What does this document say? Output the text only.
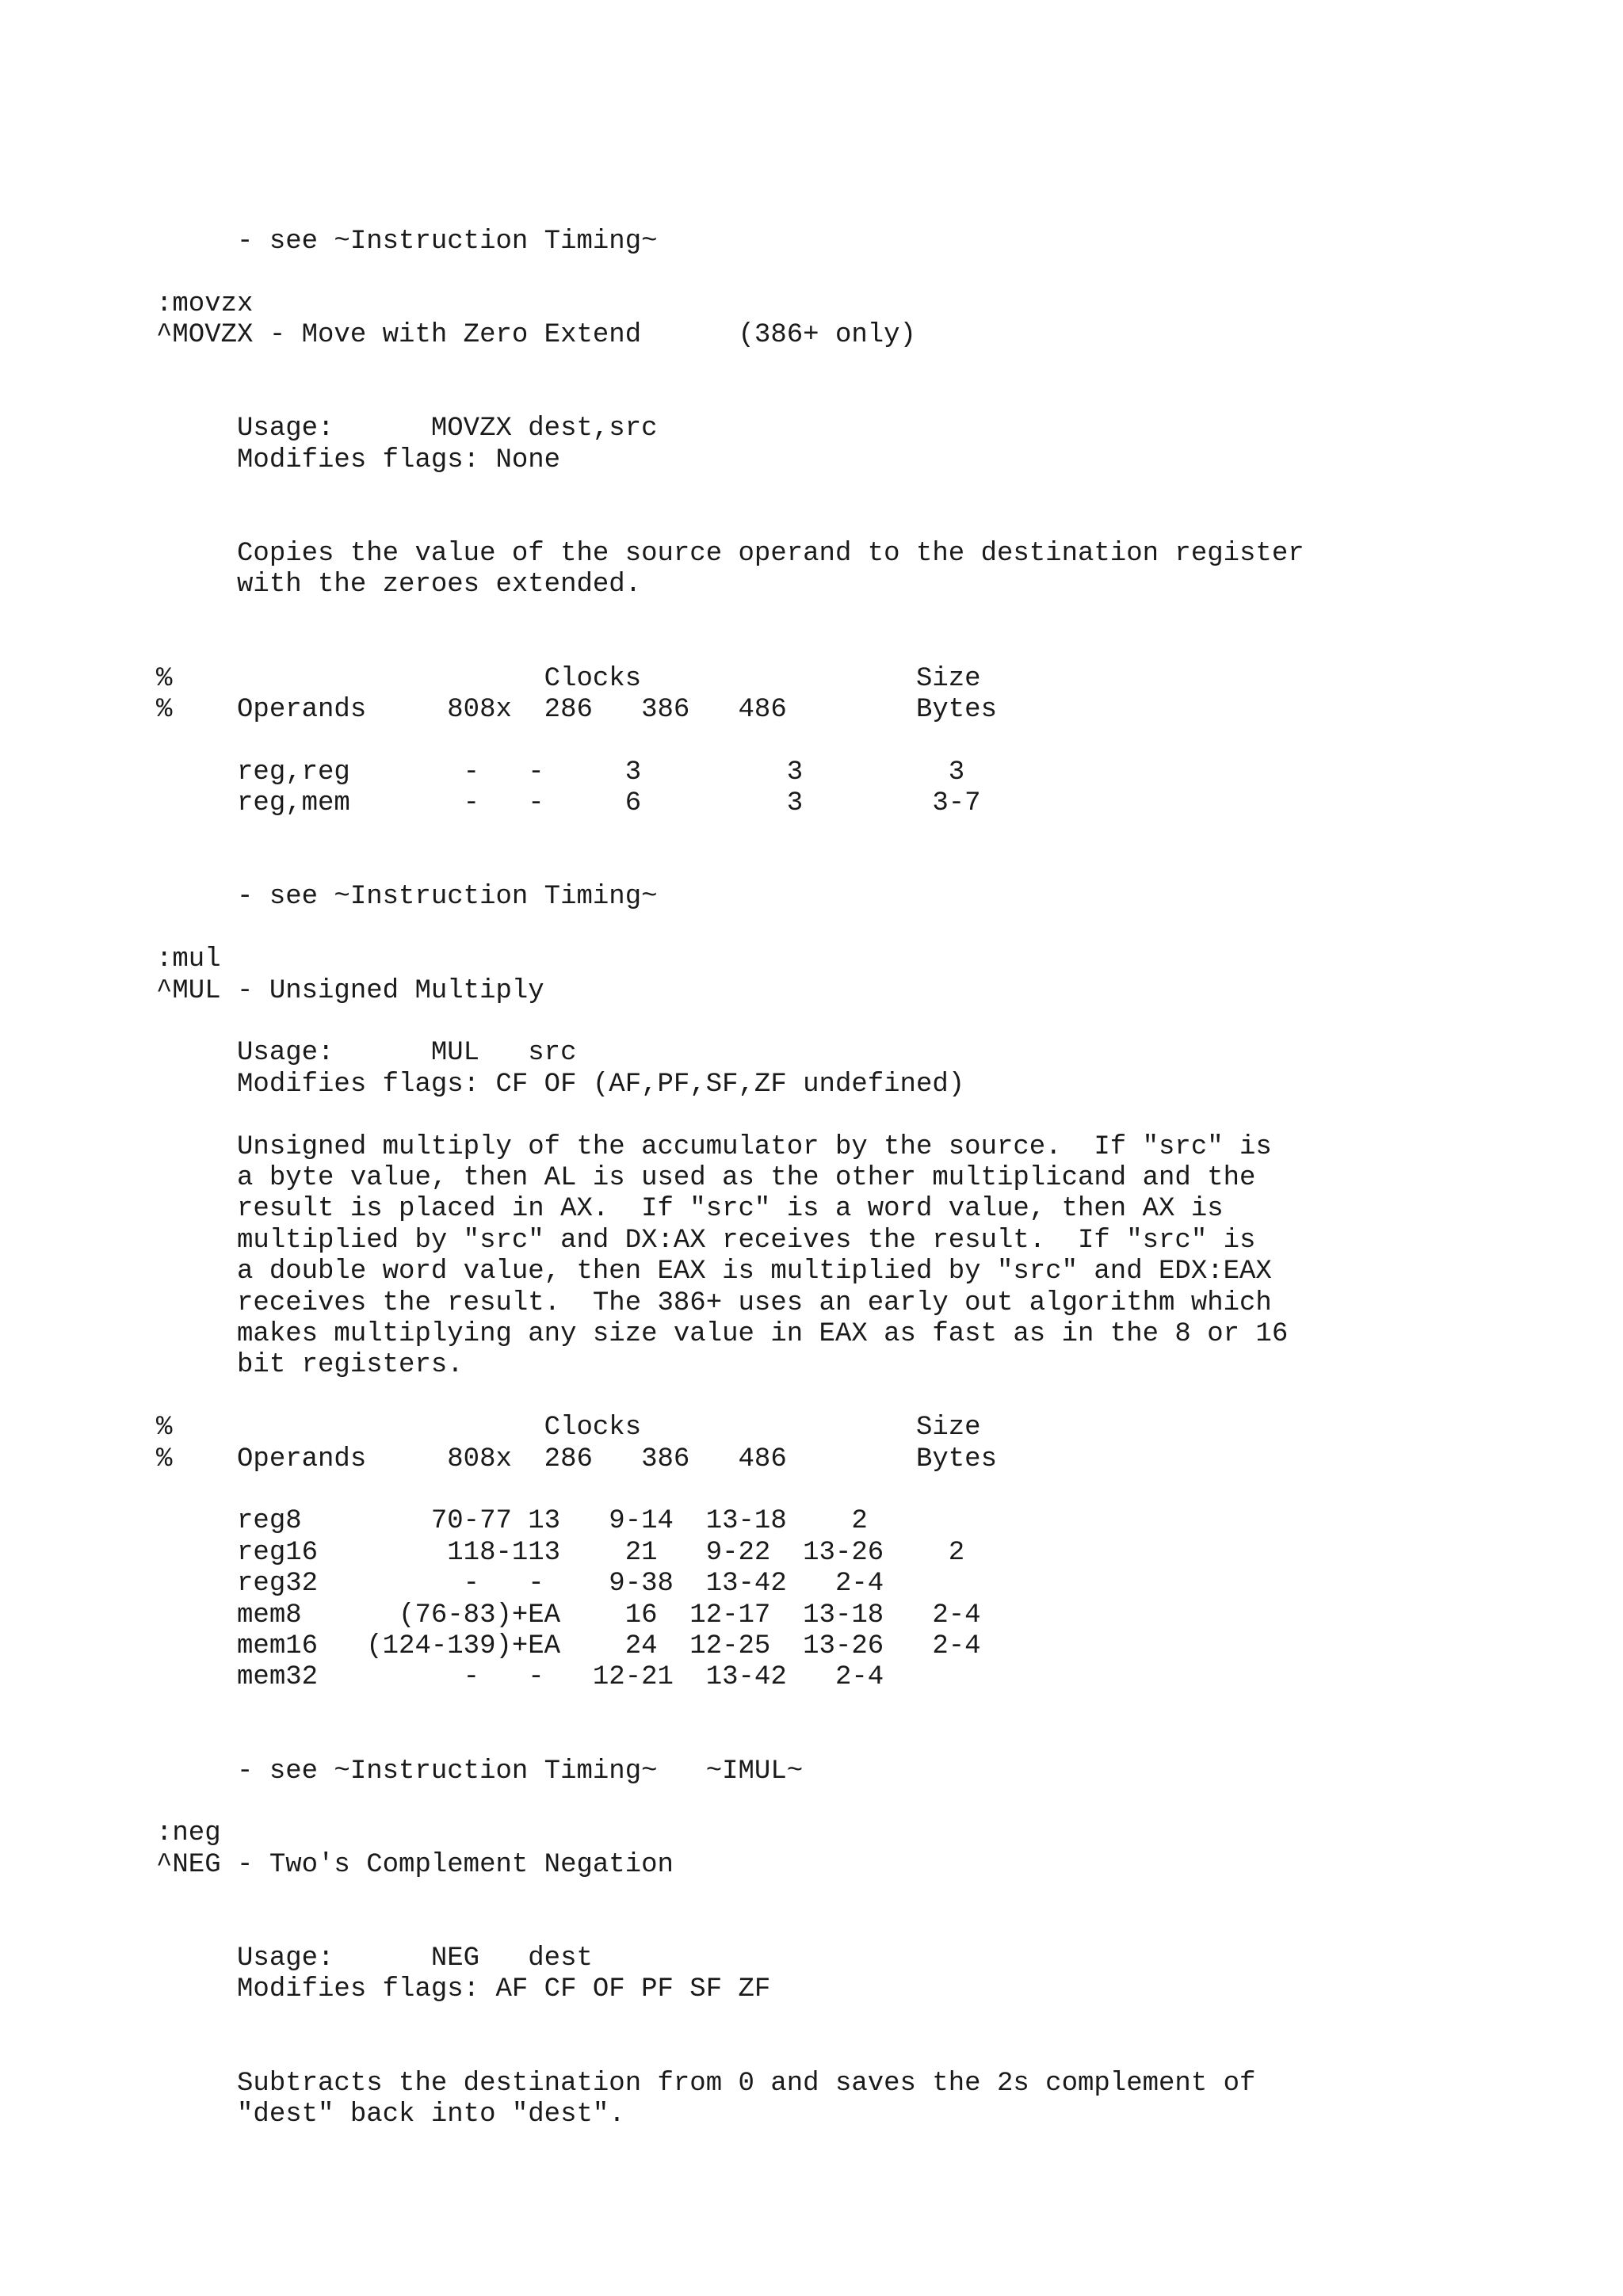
- see ~Instruction Timing~
:movzx
^MOVZX - Move with Zero Extend      (386+ only)
Usage:      MOVZX dest,src
Modifies flags: None
Copies the value of the source operand to the destination register
with the zeroes extended.
%                       Clocks                 Size
%    Operands     808x  286   386   486        Bytes
reg,reg       -   -     3         3         3
reg,mem       -   -     6         3        3-7
- see ~Instruction Timing~
:mul
^MUL - Unsigned Multiply
Usage:      MUL   src
Modifies flags: CF OF (AF,PF,SF,ZF undefined)
Unsigned multiply of the accumulator by the source.  If "src" is
a byte value, then AL is used as the other multiplicand and the
result is placed in AX.  If "src" is a word value, then AX is
multiplied by "src" and DX:AX receives the result.  If "src" is
a double word value, then EAX is multiplied by "src" and EDX:EAX
receives the result.  The 386+ uses an early out algorithm which
makes multiplying any size value in EAX as fast as in the 8 or 16
bit registers.
%                       Clocks                 Size
%    Operands     808x  286   386   486        Bytes
reg8        70-77 13   9-14  13-18    2
reg16        118-113    21   9-22  13-26    2
reg32         -   -    9-38  13-42   2-4
mem8      (76-83)+EA    16  12-17  13-18   2-4
mem16   (124-139)+EA    24  12-25  13-26   2-4
mem32         -   -   12-21  13-42   2-4
- see ~Instruction Timing~   ~IMUL~
:neg
^NEG - Two's Complement Negation
Usage:      NEG   dest
Modifies flags: AF CF OF PF SF ZF
Subtracts the destination from 0 and saves the 2s complement of
"dest" back into "dest".
